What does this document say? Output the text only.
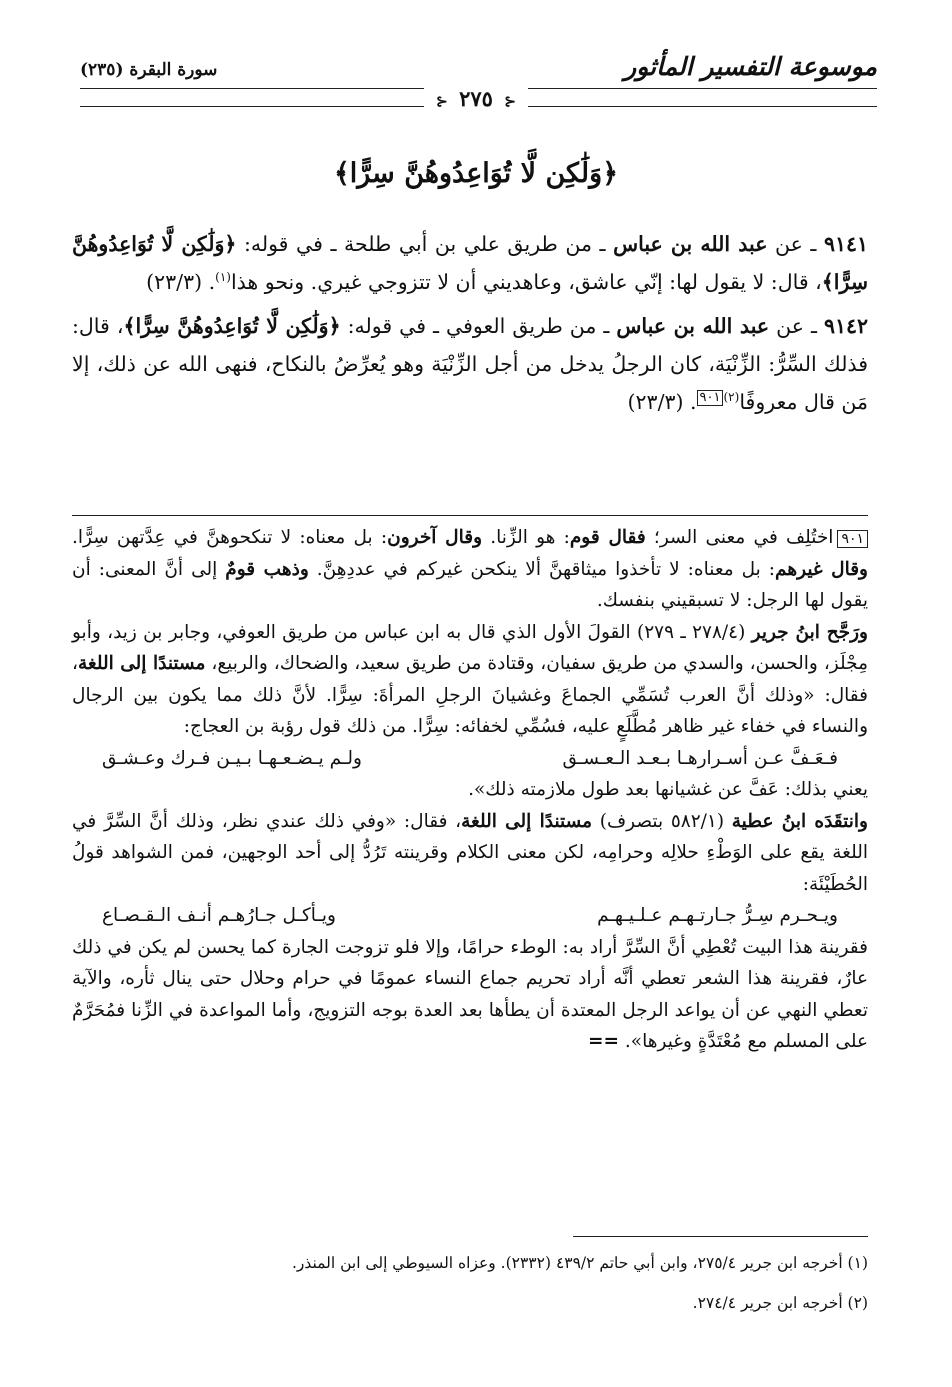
موسوعة التفسير المأثور
سورة البقرة (٢٣٥)
⊰ ٢٧٥ ⊰
﴿وَلَٰكِن لَّا تُوَاعِدُوهُنَّ سِرًّا﴾

٩١٤١ ـ عن عبد الله بن عباس ـ من طريق علي بن أبي طلحة ـ في قوله: ﴿وَلَٰكِن لَّا تُوَاعِدُوهُنَّ سِرًّا﴾، قال: لا يقول لها: إنّي عاشق، وعاهديني أن لا تتزوجي غيري. ونحو هذا$^{(١)}$. (٢٣/٣)

٩١٤٢ ـ عن عبد الله بن عباس ـ من طريق العوفي ـ في قوله: ﴿وَلَٰكِن لَّا تُوَاعِدُوهُنَّ سِرًّا﴾، قال: فذلك السِّرُّ: الزِّنْيَة، كان الرجلُ يدخل من أجل الزِّنْيَة وهو يُعرِّضُ بالنكاح، فنهى الله عن ذلك، إلا مَن قال معروفًا$^{(٢)}$٩٠١. (٢٣/٣)

٩٠١اختُلِف في معنى السر؛ فقال قوم: هو الزِّنا. وقال آخرون: بل معناه: لا تنكحوهنَّ في عِدَّتهن سِرًّا. وقال غيرهم: بل معناه: لا تأخذوا ميثاقهنَّ ألا ينكحن غيركم في عددِهِنَّ. وذهب قومٌ إلى أنَّ المعنى: أن يقول لها الرجل: لا تسبقيني بنفسك.

ورَجَّح ابنُ جرير (٢٧٨/٤ ـ ٢٧٩) القولَ الأول الذي قال به ابن عباس من طريق العوفي، وجابر بن زيد، وأبو مِجْلَز، والحسن، والسدي من طريق سفيان، وقتادة من طريق سعيد، والضحاك، والربيع، مستندًا إلى اللغة، فقال: «وذلك أنَّ العرب تُسَمِّي الجماعَ وغشيانَ الرجلِ المرأةَ: سِرًّا. لأنَّ ذلك مما يكون بين الرجال والنساء في خفاء غير ظاهر مُطَّلَعٍ عليه، فسُمِّي لخفائه: سِرًّا. من ذلك قول رؤبة بن العجاج:

فـعَـفَّ عـن أسـرارهـا بـعـد الـعـسـق
ولـم يـضـعـهـا بـيـن فـرك وعـشـق

يعني بذلك: عَفَّ عن غشيانها بعد طول ملازمته ذلك».

وانتقَدَه ابنُ عطية (٥٨٢/١ بتصرف) مستندًا إلى اللغة، فقال: «وفي ذلك عندي نظر، وذلك أنَّ السِّرَّ في اللغة يقع على الوَطْءِ حلالِه وحرامِه، لكن معنى الكلام وقرينته تَرُدُّ إلى أحد الوجهين، فمن الشواهد قولُ الحُطَيْئَة:

ويـحـرم سِـرُّ جـارتـهـم عـلـيـهـم
ويـأكـل جـارُهـم أنـف الـقـصـاع

فقرينة هذا البيت تُعْطِي أنَّ السِّرَّ أراد به: الوطء حرامًا، وإلا فلو تزوجت الجارة كما يحسن لم يكن في ذلك عارٌ، فقرينة هذا الشعر تعطي أنَّه أراد تحريم جماع النساء عمومًا في حرام وحلال حتى ينال ثأره، والآية تعطي النهي عن أن يواعد الرجل المعتدة أن يطأها بعد العدة بوجه التزويج، وأما المواعدة في الزِّنا فمُحَرَّمٌ على المسلم مع مُعْتَدَّةٍ وغيرها». ==

(١) أخرجه ابن جرير ٢٧٥/٤، وابن أبي حاتم ٤٣٩/٢ (٢٣٣٢). وعزاه السيوطي إلى ابن المنذر.

(٢) أخرجه ابن جرير ٢٧٤/٤.
